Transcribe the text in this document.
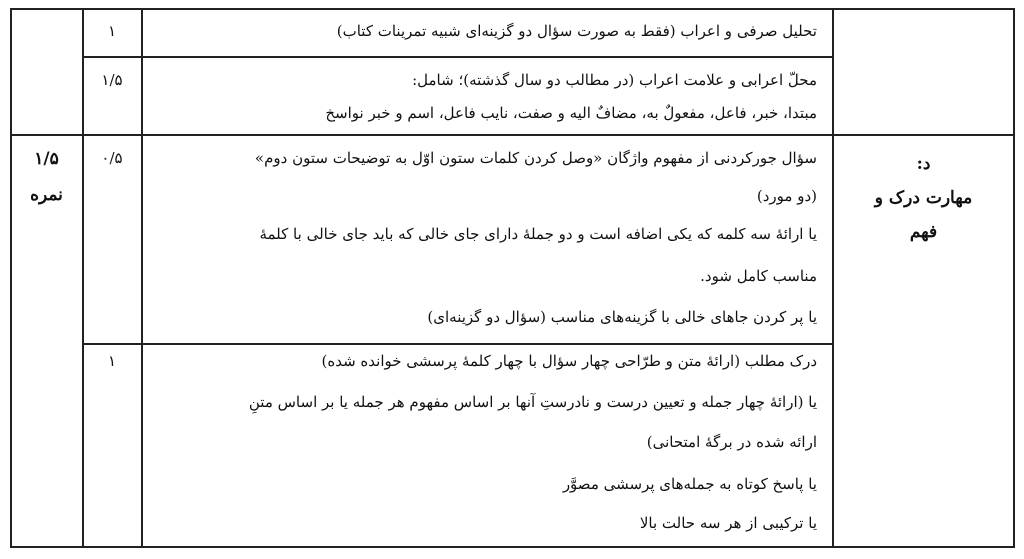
تحلیل صرفی و اعراب (فقط به صورت سؤال دو گزینه‌ای شبیه تمرینات کتاب)
۱
محلّ اعرابی و علامت اعراب (در مطالب دو سال گذشته)؛ شامل:
مبتدا، خبر، فاعل، مفعولٌ به، مضافٌ الیه و صفت، نایب فاعل، اسم و خبر نواسخ
۱/۵
سؤال جورکردنی از مفهوم واژگان «وصل کردن کلمات ستون اوّل به توضیحات ستون دوم»
(دو مورد)
یا ارائهٔ سه کلمه که یکی اضافه است و دو جملهٔ دارای جای خالی که باید جای خالی با کلمهٔ
مناسب کامل شود.
یا پر کردن جاهای خالی با گزینه‌های مناسب (سؤال دو گزینه‌ای)
۰/۵
درک مطلب (ارائهٔ متن و طرّاحی چهار سؤال با چهار کلمهٔ پرسشی خوانده شده)
یا (ارائهٔ چهار جمله و تعیین درست و نادرستِ آنها بر اساس مفهوم هر جمله یا بر اساس متنِ
ارائه شده در برگهٔ امتحانی)
یا پاسخ کوتاه به جمله‌های پرسشی مصوَّر
یا ترکیبی از هر سه حالت بالا
۱
د:
مهارت درک و
فهم
۱/۵
نمره
